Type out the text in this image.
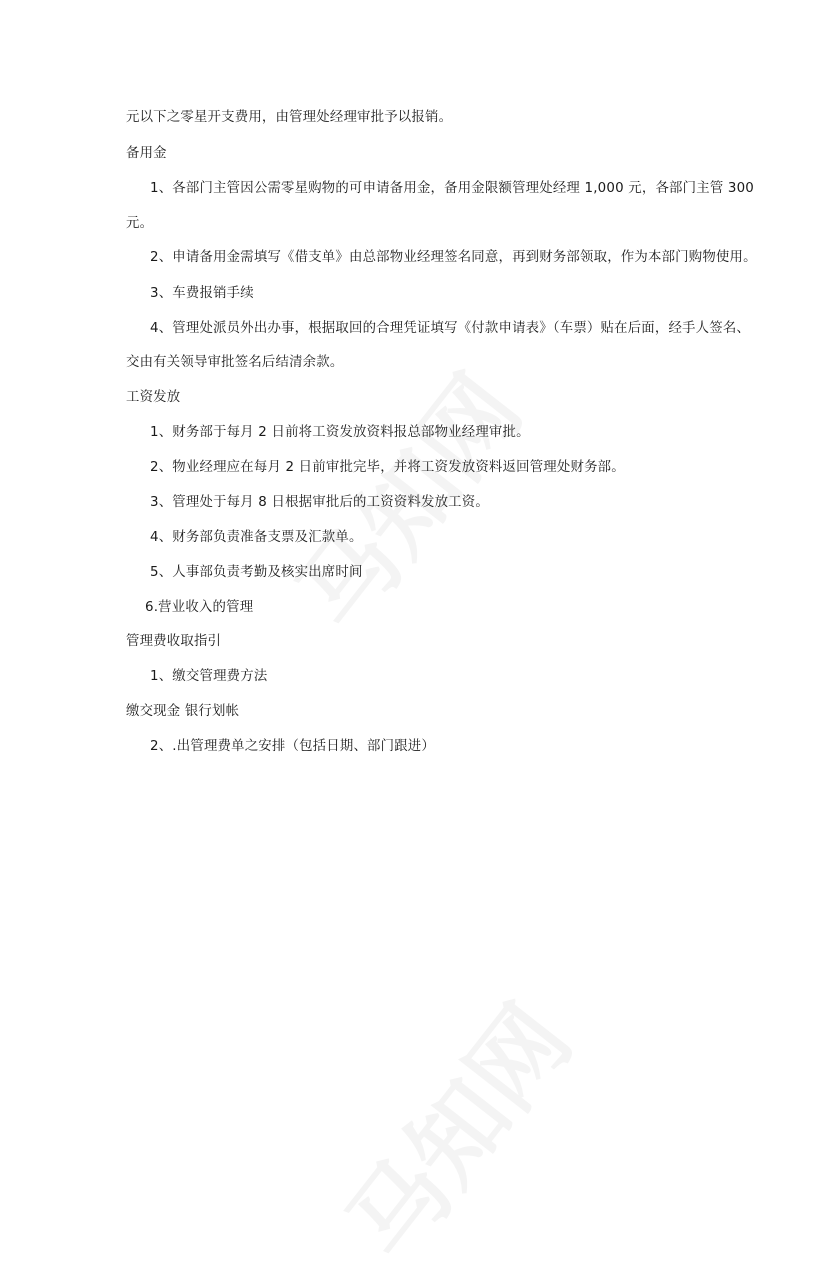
元以下之零星开支费用，由管理处经理审批予以报销。
备用金
1、各部门主管因公需零星购物的可申请备用金，备用金限额管理处经理 1,000 元，各部门主管 300
元。
2、申请备用金需填写《借支单》由总部物业经理签名同意，再到财务部领取，作为本部门购物使用。
3、车费报销手续
4、管理处派员外出办事，根据取回的合理凭证填写《付款申请表》（车票）贴在后面，经手人签名、
交由有关领导审批签名后结清余款。
工资发放
1、财务部于每月 2 日前将工资发放资料报总部物业经理审批。
2、物业经理应在每月 2 日前审批完毕，并将工资发放资料返回管理处财务部。
3、管理处于每月 8 日根据审批后的工资资料发放工资。
4、财务部负责准备支票及汇款单。
5、人事部负责考勤及核实出席时间
6.营业收入的管理
管理费收取指引
1、缴交管理费方法
缴交现金 银行划帐
2、.出管理费单之安排（包括日期、部门跟进）
